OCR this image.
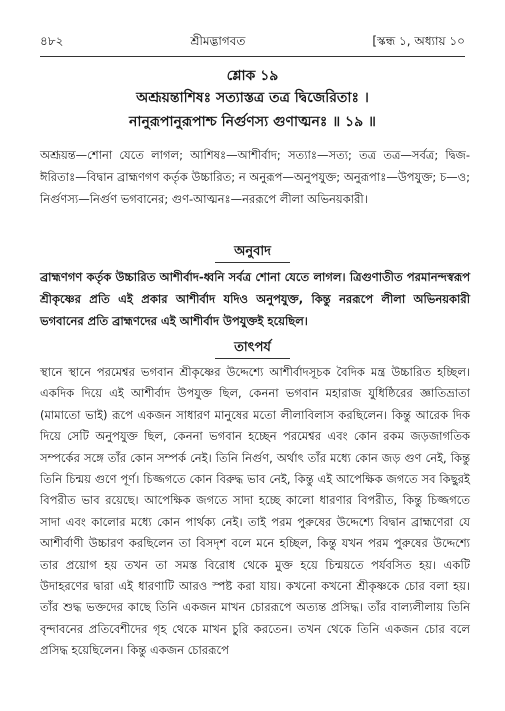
৪৮২	শ্রীমদ্ভাগবত	[স্কন্ধ ১, অধ্যায় ১০
শ্লোক ১৯
অশ্রূয়ন্তাশিষঃ সত্যাস্তত্র তত্র দ্বিজেরিতাঃ ।
নানুরূপানুরূপাশ্চ নির্গুণস্য গুণাত্মনঃ ॥ ১৯ ॥
অশ্রূয়ন্ত—শোনা যেতে লাগল; আশিষঃ—আশীর্বাদ; সত্যাঃ—সত্য; তত্র তত্র—সর্বত্র; দ্বিজ-ঈরিতাঃ—বিদ্বান ব্রাহ্মণগণ কর্তৃক উচ্চারিত; ন অনুরূপ—অনুপযুক্ত; অনুরূপাঃ—উপযুক্ত; চ—ও; নির্গুণস্য—নির্গুণ ভগবানের; গুণ-আত্মনঃ—নররূপে লীলা অভিনয়কারী।
অনুবাদ
ব্রাহ্মণগণ কর্তৃক উচ্চারিত আশীর্বাদ-ধ্বনি সর্বত্র শোনা যেতে লাগল। ত্রিগুণাতীত পরমানন্দস্বরূপ শ্রীকৃষ্ণের প্রতি এই প্রকার আশীর্বাদ যদিও অনুপযুক্ত, কিন্তু নররূপে লীলা অভিনয়কারী ভগবানের প্রতি ব্রাহ্মণদের এই আশীর্বাদ উপযুক্তই হয়েছিল।
তাৎপর্য

স্থানে স্থানে পরমেশ্বর ভগবান শ্রীকৃষ্ণের উদ্দেশ্যে আশীর্বাদসূচক বৈদিক মন্ত্র উচ্চারিত হচ্ছিল। একদিক দিয়ে এই আশীর্বাদ উপযুক্ত ছিল, কেননা ভগবান মহারাজ যুধিষ্ঠিরের জ্ঞাতিভ্রাতা (মামাতো ভাই) রূপে একজন সাধারণ মানুষের মতো লীলাবিলাস করছিলেন। কিন্তু আরেক দিক দিয়ে সেটি অনুপযুক্ত ছিল, কেননা ভগবান হচ্ছেন পরমেশ্বর এবং কোন রকম জড়জাগতিক সম্পর্কের সঙ্গে তাঁর কোন সম্পর্ক নেই। তিনি নির্গুণ, অর্থাৎ তাঁর মধ্যে কোন জড় গুণ নেই, কিন্তু তিনি চিন্ময় গুণে পূর্ণ। চিজ্জগতে কোন বিরুদ্ধ ভাব নেই, কিন্তু এই আপেক্ষিক জগতে সব কিছুরই বিপরীত ভাব রয়েছে। আপেক্ষিক জগতে সাদা হচ্ছে কালো ধারণার বিপরীত, কিন্তু চিজ্জগতে সাদা এবং কালোর মধ্যে কোন পার্থক্য নেই। তাই পরম পুরুষের উদ্দেশ্যে বিদ্বান ব্রাহ্মণেরা যে আশীর্বাণী উচ্চারণ করছিলেন তা বিসদৃশ বলে মনে হচ্ছিল, কিন্তু যখন পরম পুরুষের উদ্দেশ্যে তার প্রয়োগ হয় তখন তা সমস্ত বিরোধ থেকে মুক্ত হয়ে চিন্ময়তে পর্যবসিত হয়। একটি উদাহরণের দ্বারা এই ধারণাটি আরও স্পষ্ট করা যায়। কখনো কখনো শ্রীকৃষ্ণকে চোর বলা হয়। তাঁর শুদ্ধ ভক্তদের কাছে তিনি একজন মাখন চোররূপে অত্যন্ত প্রসিদ্ধ। তাঁর বাল্যলীলায় তিনি বৃন্দাবনের প্রতিবেশীদের গৃহ থেকে মাখন চুরি করতেন। তখন থেকে তিনি একজন চোর বলে প্রসিদ্ধ হয়েছিলেন। কিন্তু একজন চোররূপে
